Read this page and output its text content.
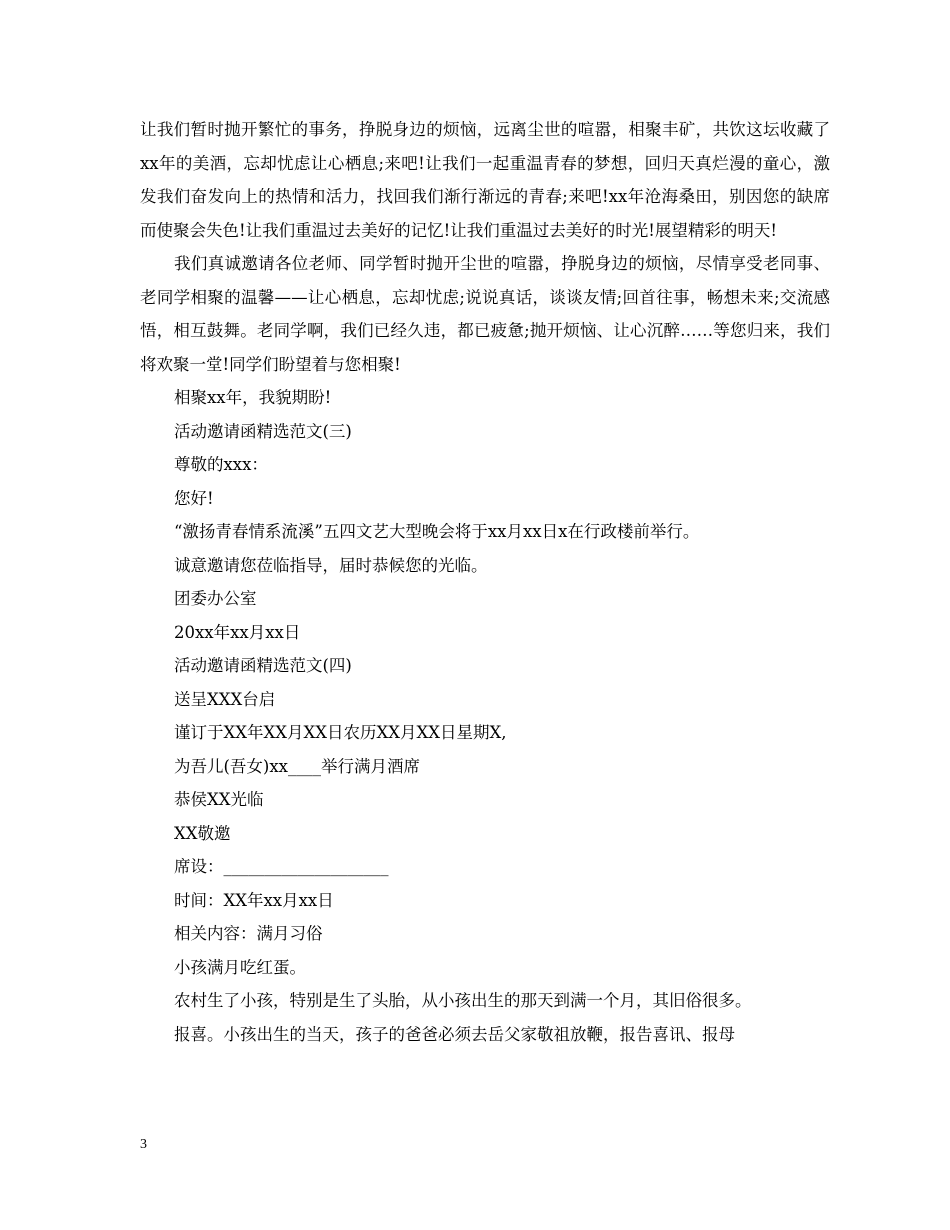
让我们暂时抛开繁忙的事务，挣脱身边的烦恼，远离尘世的喧嚣，相聚丰矿，共饮这坛收藏了xx年的美酒，忘却忧虑让心栖息;来吧!让我们一起重温青春的梦想，回归天真烂漫的童心，激发我们奋发向上的热情和活力，找回我们渐行渐远的青春;来吧!xx年沧海桑田，别因您的缺席而使聚会失色!让我们重温过去美好的记忆!让我们重温过去美好的时光!展望精彩的明天!

我们真诚邀请各位老师、同学暂时抛开尘世的喧嚣，挣脱身边的烦恼，尽情享受老同事、老同学相聚的温馨——让心栖息，忘却忧虑;说说真话，谈谈友情;回首往事，畅想未来;交流感悟，相互鼓舞。老同学啊，我们已经久违，都已疲惫;抛开烦恼、让心沉醉……等您归来，我们将欢聚一堂!同学们盼望着与您相聚!

相聚xx年，我貌期盼!

活动邀请函精选范文(三)

尊敬的xxx：

您好!

“激扬青春情系流溪”五四文艺大型晚会将于xx月xx日x在行政楼前举行。

诚意邀请您莅临指导，届时恭候您的光临。

团委办公室

20xx年xx月xx日

活动邀请函精选范文(四)

送呈XXX台启

谨订于XX年XX月XX日农历XX月XX日星期X,

为吾儿(吾女)xx____举行满月酒席

恭侯XX光临

XX敬邀

席设：____________________

时间：XX年xx月xx日

相关内容：满月习俗

小孩满月吃红蛋。

农村生了小孩，特别是生了头胎，从小孩出生的那天到满一个月，其旧俗很多。

报喜。小孩出生的当天，孩子的爸爸必须去岳父家敬祖放鞭，报告喜讯、报母

3
